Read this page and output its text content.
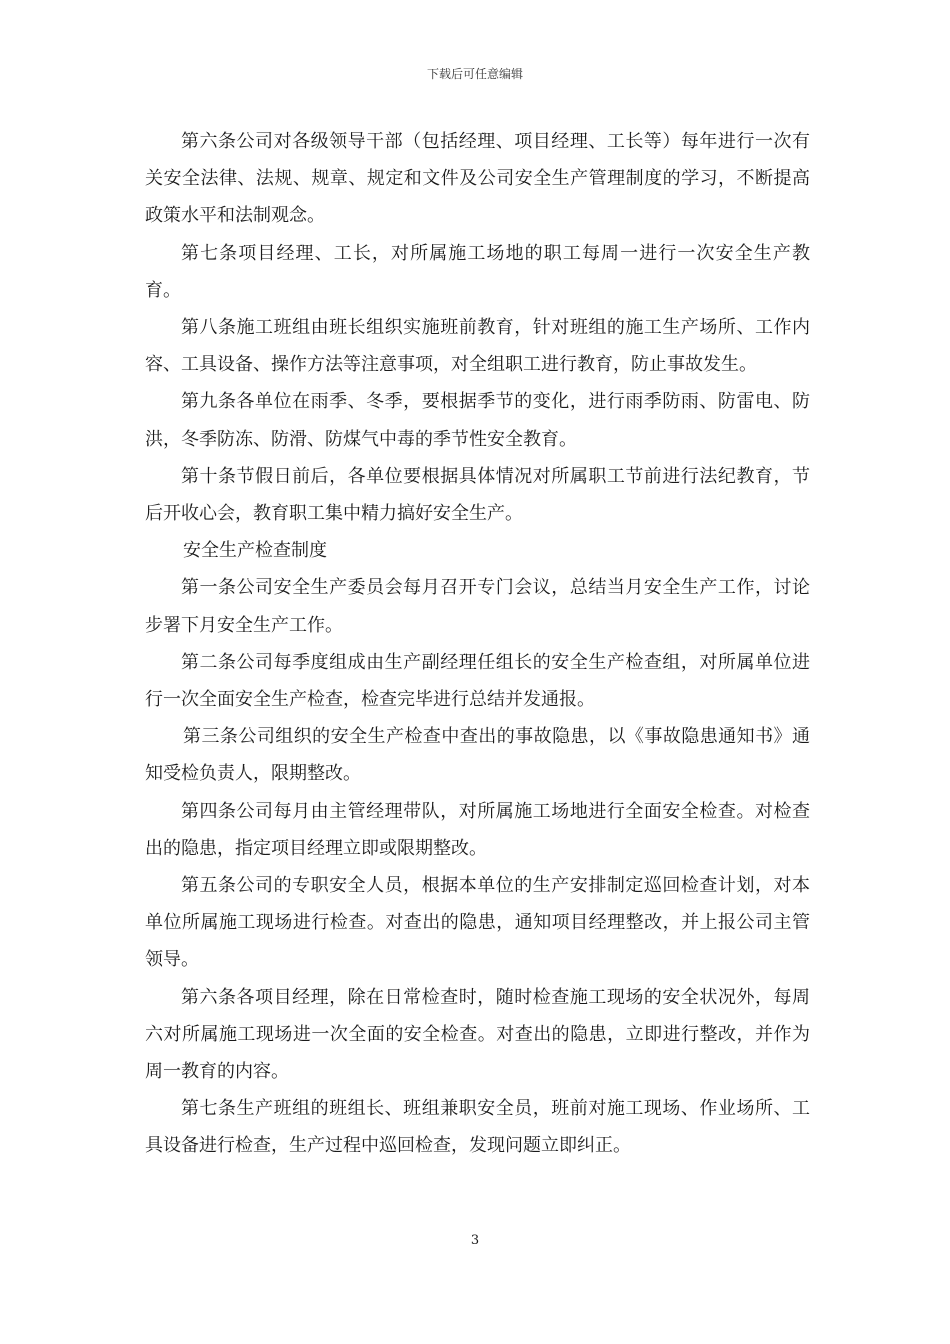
下载后可任意编辑

第六条公司对各级领导干部（包括经理、项目经理、工长等）每年进行一次有关安全法律、法规、规章、规定和文件及公司安全生产管理制度的学习，不断提高政策水平和法制观念。

第七条项目经理、工长，对所属施工场地的职工每周一进行一次安全生产教育。

第八条施工班组由班长组织实施班前教育，针对班组的施工生产场所、工作内容、工具设备、操作方法等注意事项，对全组职工进行教育，防止事故发生。

第九条各单位在雨季、冬季，要根据季节的变化，进行雨季防雨、防雷电、防洪，冬季防冻、防滑、防煤气中毒的季节性安全教育。

第十条节假日前后，各单位要根据具体情况对所属职工节前进行法纪教育，节后开收心会，教育职工集中精力搞好安全生产。

安全生产检查制度

第一条公司安全生产委员会每月召开专门会议，总结当月安全生产工作，讨论步署下月安全生产工作。

第二条公司每季度组成由生产副经理任组长的安全生产检查组，对所属单位进行一次全面安全生产检查，检查完毕进行总结并发通报。

第三条公司组织的安全生产检查中查出的事故隐患，以《事故隐患通知书》通知受检负责人，限期整改。

第四条公司每月由主管经理带队，对所属施工场地进行全面安全检查。对检查出的隐患，指定项目经理立即或限期整改。

第五条公司的专职安全人员，根据本单位的生产安排制定巡回检查计划，对本单位所属施工现场进行检查。对查出的隐患，通知项目经理整改，并上报公司主管领导。

第六条各项目经理，除在日常检查时，随时检查施工现场的安全状况外，每周六对所属施工现场进一次全面的安全检查。对查出的隐患，立即进行整改，并作为周一教育的内容。

第七条生产班组的班组长、班组兼职安全员，班前对施工现场、作业场所、工具设备进行检查，生产过程中巡回检查，发现问题立即纠正。

3
